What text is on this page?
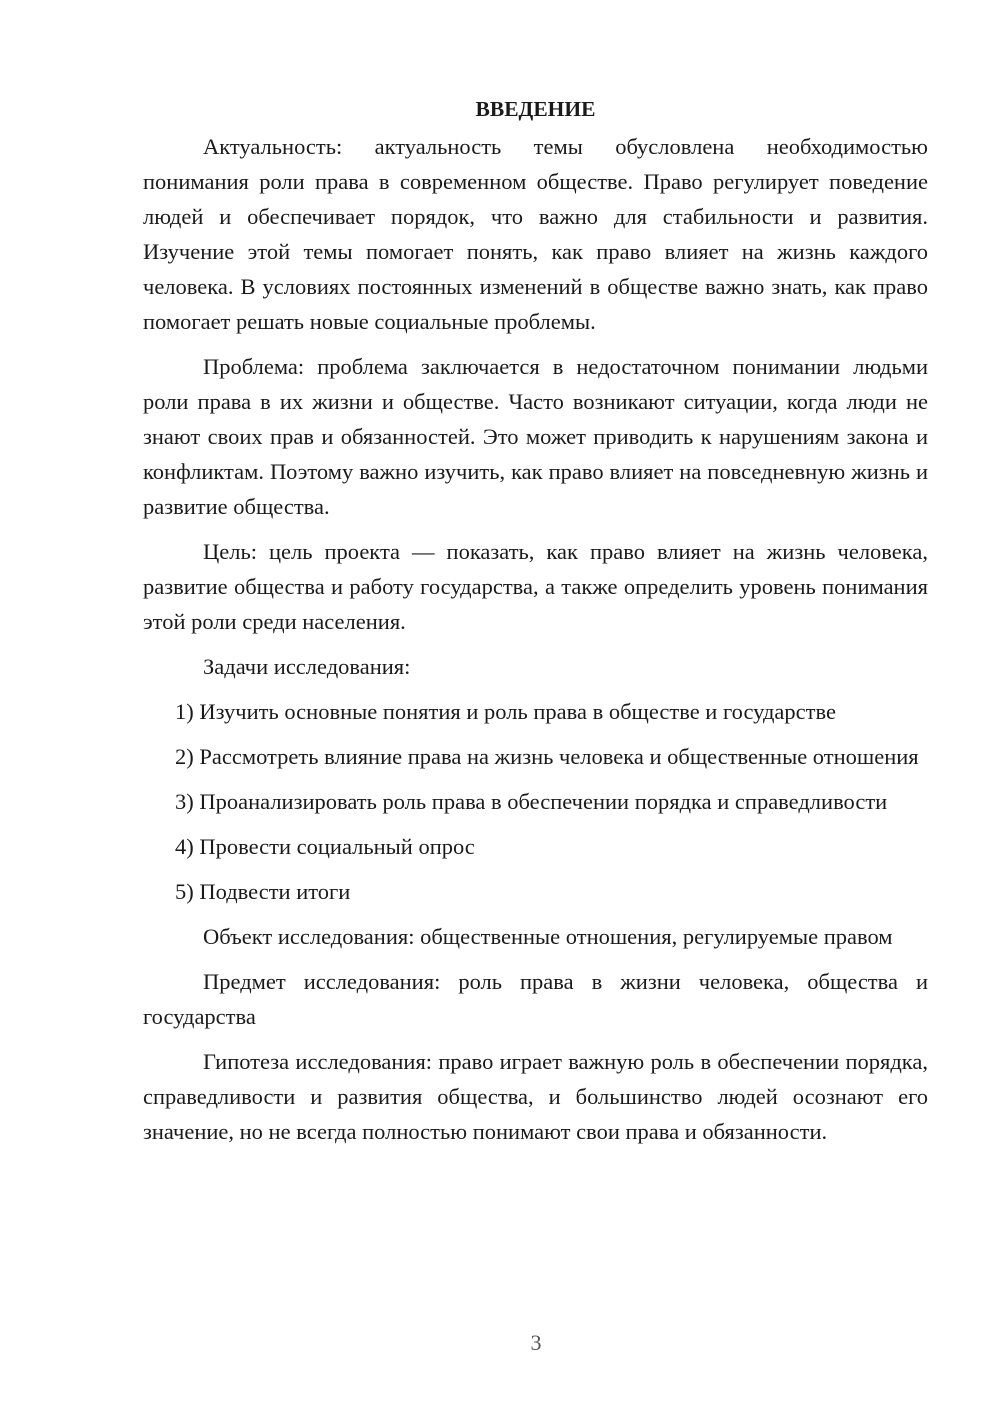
ВВЕДЕНИЕ

Актуальность: актуальность темы обусловлена необходимостью понимания роли права в современном обществе. Право регулирует поведение людей и обеспечивает порядок, что важно для стабильности и развития. Изучение этой темы помогает понять, как право влияет на жизнь каждого человека. В условиях постоянных изменений в обществе важно знать, как право помогает решать новые социальные проблемы.

Проблема: проблема заключается в недостаточном понимании людьми роли права в их жизни и обществе. Часто возникают ситуации, когда люди не знают своих прав и обязанностей. Это может приводить к нарушениям закона и конфликтам. Поэтому важно изучить, как право влияет на повседневную жизнь и развитие общества.

Цель: цель проекта — показать, как право влияет на жизнь человека, развитие общества и работу государства, а также определить уровень понимания этой роли среди населения.

Задачи исследования:

1) Изучить основные понятия и роль права в обществе и государстве

2) Рассмотреть влияние права на жизнь человека и общественные отношения

3) Проанализировать роль права в обеспечении порядка и справедливости

4) Провести социальный опрос

5) Подвести итоги

Объект исследования: общественные отношения, регулируемые правом

Предмет исследования: роль права в жизни человека, общества и государства

Гипотеза исследования: право играет важную роль в обеспечении порядка, справедливости и развития общества, и большинство людей осознают его значение, но не всегда полностью понимают свои права и обязанности.

3
